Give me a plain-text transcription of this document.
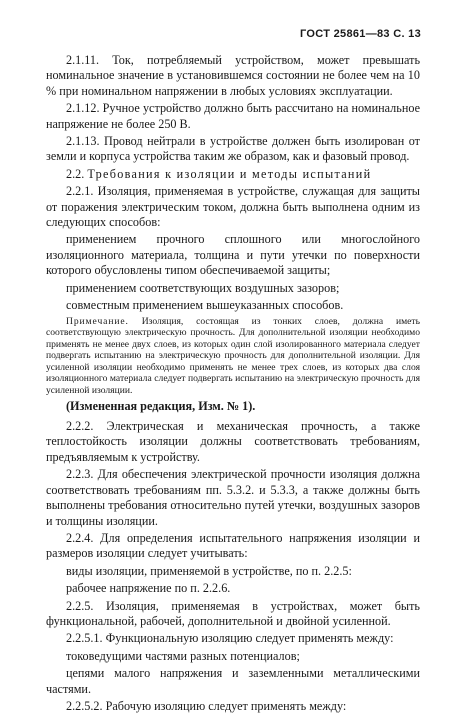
ГОСТ 25861—83 С. 13

2.1.11. Ток, потребляемый устройством, может превышать номинальное значение в установившемся состоянии не более чем на 10 % при номинальном напряжении в любых условиях эксплуатации.

2.1.12. Ручное устройство должно быть рассчитано на номинальное напряжение не более 250 В.

2.1.13. Провод нейтрали в устройстве должен быть изолирован от земли и корпуса устройства таким же образом, как и фазовый провод.

2.2. Требования к изоляции и методы испытаний

2.2.1. Изоляция, применяемая в устройстве, служащая для защиты от поражения электрическим током, должна быть выполнена одним из следующих способов:

применением прочного сплошного или многослойного изоляционного материала, толщина и пути утечки по поверхности которого обусловлены типом обеспечиваемой защиты;

применением соответствующих воздушных зазоров;

совместным применением вышеуказанных способов.

Примечание. Изоляция, состоящая из тонких слоев, должна иметь соответствующую электрическую прочность. Для дополнительной изоляции необходимо применять не менее двух слоев, из которых один слой изолированного материала следует подвергать испытанию на электрическую прочность для дополнительной изоляции. Для усиленной изоляции необходимо применять не менее трех слоев, из которых два слоя изоляционного материала следует подвергать испытанию на электрическую прочность для усиленной изоляции.

(Измененная редакция, Изм. № 1).

2.2.2. Электрическая и механическая прочность, а также теплостойкость изоляции должны соответствовать требованиям, предъявляемым к устройству.

2.2.3. Для обеспечения электрической прочности изоляция должна соответствовать требованиям пп. 5.3.2. и 5.3.3, а также должны быть выполнены требования относительно путей утечки, воздушных зазоров и толщины изоляции.

2.2.4. Для определения испытательного напряжения изоляции и размеров изоляции следует учитывать:

виды изоляции, применяемой в устройстве, по п. 2.2.5:

рабочее напряжение по п. 2.2.6.

2.2.5. Изоляция, применяемая в устройствах, может быть функциональной, рабочей, дополнительной и двойной усиленной.

2.2.5.1. Функциональную изоляцию следует применять между:

токоведущими частями разных потенциалов;

цепями малого напряжения и заземленными металлическими частями.

2.2.5.2. Рабочую изоляцию следует применять между:
